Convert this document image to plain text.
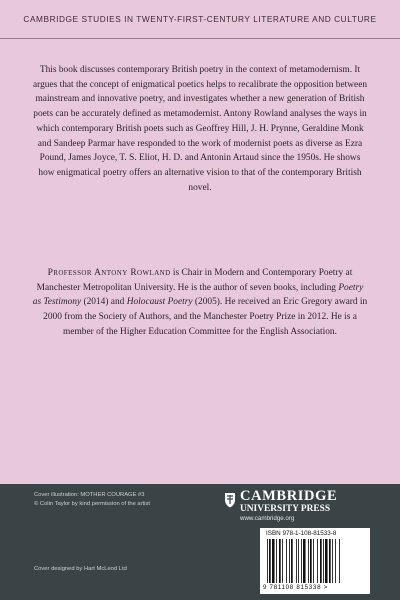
CAMBRIDGE STUDIES IN TWENTY-FIRST-CENTURY LITERATURE AND CULTURE
This book discusses contemporary British poetry in the context of metamodernism. It argues that the concept of enigmatical poetics helps to recalibrate the opposition between mainstream and innovative poetry, and investigates whether a new generation of British poets can be accurately defined as metamodernist. Antony Rowland analyses the ways in which contemporary British poets such as Geoffrey Hill, J. H. Prynne, Geraldine Monk and Sandeep Parmar have responded to the work of modernist poets as diverse as Ezra Pound, James Joyce, T. S. Eliot, H. D. and Antonin Artaud since the 1950s. He shows how enigmatical poetry offers an alternative vision to that of the contemporary British novel.
Professor Antony Rowland is Chair in Modern and Contemporary Poetry at Manchester Metropolitan University. He is the author of seven books, including Poetry as Testimony (2014) and Holocaust Poetry (2005). He received an Eric Gregory award in 2000 from the Society of Authors, and the Manchester Poetry Prize in 2012. He is a member of the Higher Education Committee for the English Association.
Cover illustration: MOTHER COURAGE #3
© Colin Taylor by kind permission of the artist
Cover designed by Hart McLeod Ltd
CAMBRIDGE
UNIVERSITY PRESS
www.cambridge.org
ISBN 978-1-108-81533-8
9 781108 815338 >
